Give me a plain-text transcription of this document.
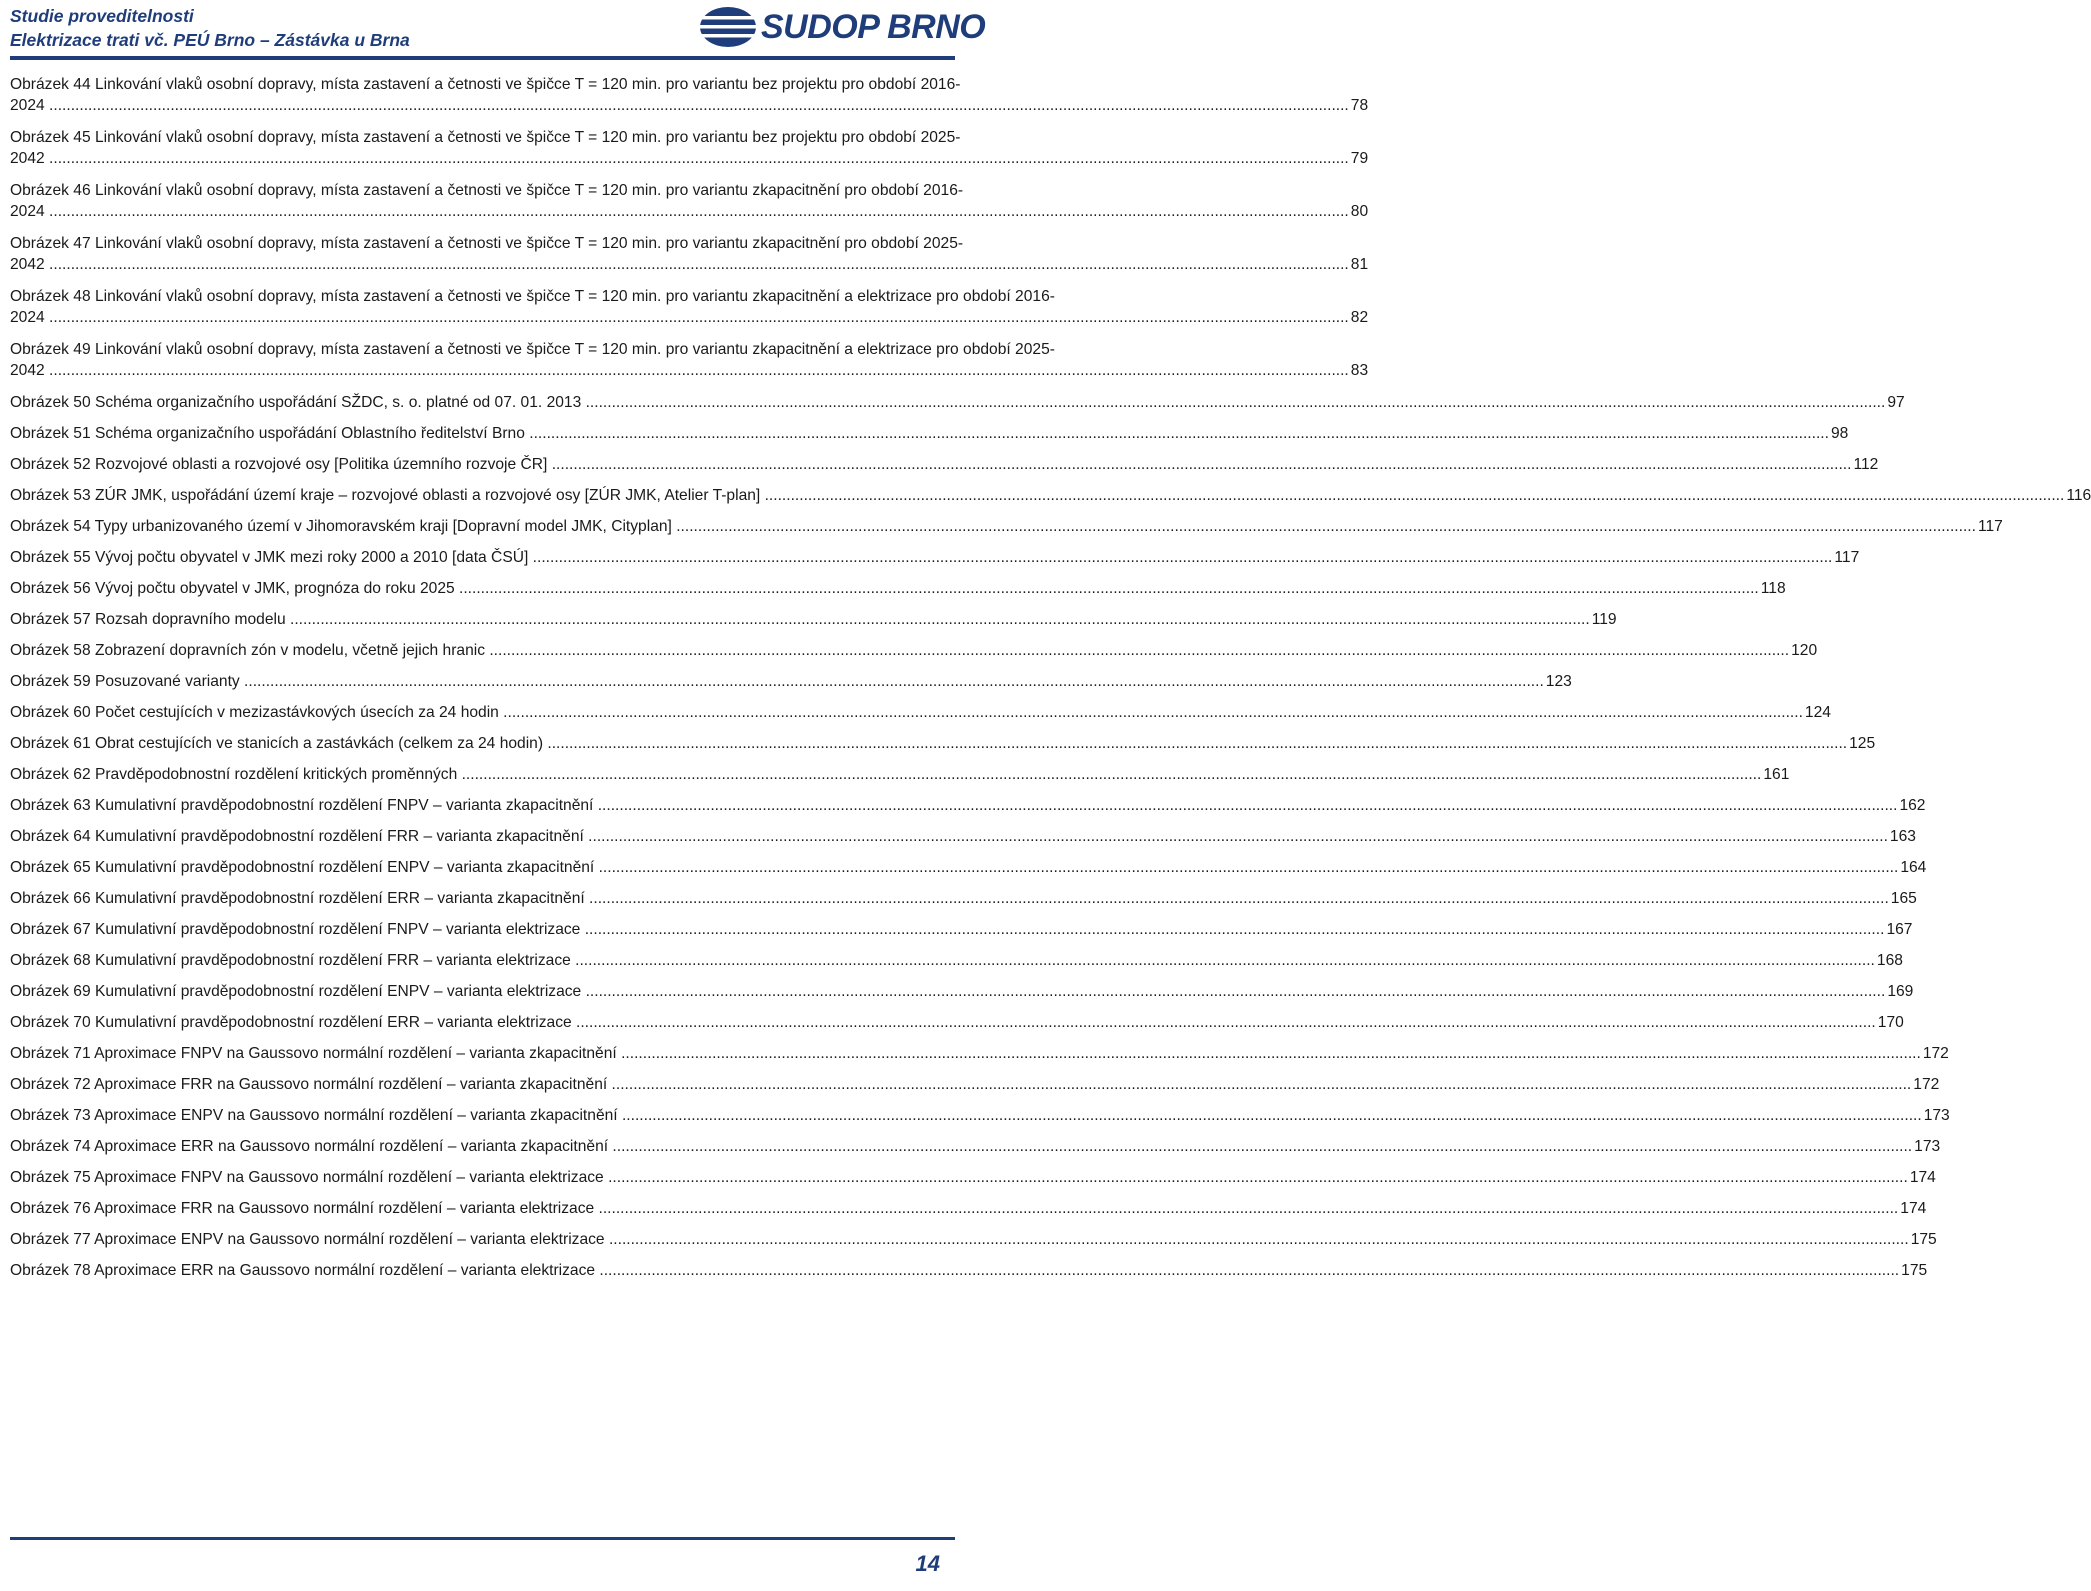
Studie proveditelnosti
Elektrizace trati vč. PEÚ Brno – Zástávka u Brna	SUDOP BRNO
Obrázek 44 Linkování vlaků osobní dopravy, místa zastavení a četnosti ve špičce T = 120 min. pro variantu bez projektu pro období 2016-2024 .....	78
Obrázek 45 Linkování vlaků osobní dopravy, místa zastavení a četnosti ve špičce T = 120 min. pro variantu bez projektu pro období 2025-2042 .....	79
Obrázek 46 Linkování vlaků osobní dopravy, místa zastavení a četnosti ve špičce T = 120 min. pro variantu zkapacitnění pro období 2016-2024 .....	80
Obrázek 47 Linkování vlaků osobní dopravy, místa zastavení a četnosti ve špičce T = 120 min. pro variantu zkapacitnění pro období 2025-2042 .....	81
Obrázek 48 Linkování vlaků osobní dopravy, místa zastavení a četnosti ve špičce T = 120 min. pro variantu zkapacitnění a elektrizace pro období 2016-2024 .....	82
Obrázek 49 Linkování vlaků osobní dopravy, místa zastavení a četnosti ve špičce T = 120 min. pro variantu zkapacitnění a elektrizace pro období 2025-2042 .....	83
Obrázek 50 Schéma organizačního uspořádání SŽDC, s. o. platné od 07. 01. 2013 .....	97
Obrázek 51 Schéma organizačního uspořádání Oblastního ředitelství Brno .....	98
Obrázek 52 Rozvojové oblasti a rozvojové osy [Politika územního rozvoje ČR] .....	112
Obrázek 53 ZÚR JMK, uspořádání území kraje – rozvojové oblasti a rozvojové osy [ZÚR JMK, Atelier T-plan] .....	116
Obrázek 54 Typy urbanizovaného území v Jihomoravském kraji [Dopravní model JMK, Cityplan] .....	117
Obrázek 55 Vývoj počtu obyvatel v JMK mezi roky 2000 a 2010 [data ČSÚ] .....	117
Obrázek 56 Vývoj počtu obyvatel v JMK, prognóza do roku 2025 .....	118
Obrázek 57 Rozsah dopravního modelu .....	119
Obrázek 58 Zobrazení dopravních zón v modelu, včetně jejich hranic .....	120
Obrázek 59 Posuzované varianty .....	123
Obrázek 60 Počet cestujících v mezizastávkových úsecích za 24 hodin .....	124
Obrázek 61 Obrat cestujících ve stanicích a zastávkách (celkem za 24 hodin) .....	125
Obrázek 62 Pravděpodobnostní rozdělení kritických proměnných .....	161
Obrázek 63 Kumulativní pravděpodobnostní rozdělení FNPV – varianta zkapacitnění .....	162
Obrázek 64 Kumulativní pravděpodobnostní rozdělení FRR – varianta zkapacitnění .....	163
Obrázek 65 Kumulativní pravděpodobnostní rozdělení ENPV – varianta zkapacitnění .....	164
Obrázek 66 Kumulativní pravděpodobnostní rozdělení ERR – varianta zkapacitnění .....	165
Obrázek 67 Kumulativní pravděpodobnostní rozdělení FNPV – varianta elektrizace .....	167
Obrázek 68 Kumulativní pravděpodobnostní rozdělení FRR – varianta elektrizace .....	168
Obrázek 69 Kumulativní pravděpodobnostní rozdělení ENPV – varianta elektrizace .....	169
Obrázek 70 Kumulativní pravděpodobnostní rozdělení ERR – varianta elektrizace .....	170
Obrázek 71 Aproximace FNPV na Gaussovo normální rozdělení – varianta zkapacitnění .....	172
Obrázek 72 Aproximace FRR na Gaussovo normální rozdělení – varianta zkapacitnění .....	172
Obrázek 73 Aproximace ENPV na Gaussovo normální rozdělení – varianta zkapacitnění .....	173
Obrázek 74 Aproximace ERR na Gaussovo normální rozdělení – varianta zkapacitnění .....	173
Obrázek 75 Aproximace FNPV na Gaussovo normální rozdělení – varianta elektrizace .....	174
Obrázek 76 Aproximace FRR na Gaussovo normální rozdělení – varianta elektrizace .....	174
Obrázek 77 Aproximace ENPV na Gaussovo normální rozdělení – varianta elektrizace .....	175
Obrázek 78 Aproximace ERR na Gaussovo normální rozdělení – varianta elektrizace .....	175
14
